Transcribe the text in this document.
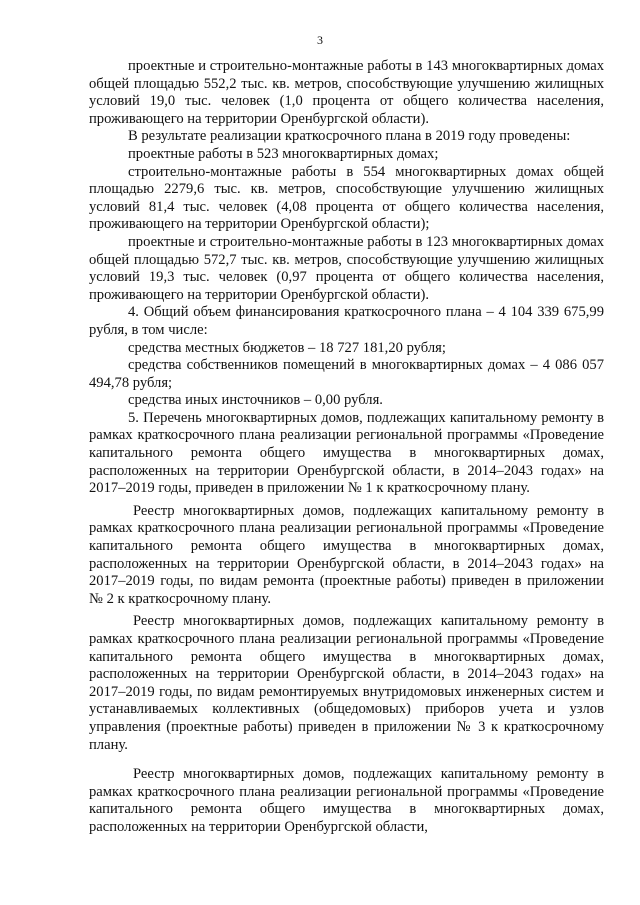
3

проектные и строительно-монтажные работы в 143 многоквартирных домах общей площадью 552,2 тыс. кв. метров, способствующие улучшению жилищных условий 19,0 тыс. человек (1,0 процента от общего количества населения, проживающего на территории Оренбургской области).

В результате реализации краткосрочного плана в 2019 году проведены:

проектные работы в 523 многоквартирных домах;

строительно-монтажные работы в 554 многоквартирных домах общей площадью 2279,6 тыс. кв. метров, способствующие улучшению жилищных условий 81,4 тыс. человек (4,08 процента от общего количества населения, проживающего на территории Оренбургской области);

проектные и строительно-монтажные работы в 123 многоквартирных домах общей площадью 572,7 тыс. кв. метров, способствующие улучшению жилищных условий 19,3 тыс. человек (0,97 процента от общего количества населения, проживающего на территории Оренбургской области).

4. Общий объем финансирования краткосрочного плана – 4 104 339 675,99 рубля, в том числе:

средства местных бюджетов – 18 727 181,20 рубля;

средства собственников помещений в многоквартирных домах – 4 086 057 494,78 рубля;

средства иных инсточников – 0,00 рубля.

5. Перечень многоквартирных домов, подлежащих капитальному ремонту в рамках краткосрочного плана реализации региональной программы «Проведение капитального ремонта общего имущества в многоквартирных домах, расположенных на территории Оренбургской области, в 2014–2043 годах» на 2017–2019 годы, приведен в приложении № 1 к краткосрочному плану.

Реестр многоквартирных домов, подлежащих капитальному ремонту в рамках краткосрочного плана реализации региональной программы «Проведение капитального ремонта общего имущества в многоквартирных домах, расположенных на территории Оренбургской области, в 2014–2043 годах» на 2017–2019 годы, по видам ремонта (проектные работы) приведен в приложении № 2 к краткосрочному плану.

Реестр многоквартирных домов, подлежащих капитальному ремонту в рамках краткосрочного плана реализации региональной программы «Проведение капитального ремонта общего имущества в многоквартирных домах, расположенных на территории Оренбургской области, в 2014–2043 годах» на 2017–2019 годы, по видам ремонтируемых внутридомовых инженерных систем и устанавливаемых коллективных (общедомовых) приборов учета и узлов управления (проектные работы) приведен в приложении № 3 к краткосрочному плану.

Реестр многоквартирных домов, подлежащих капитальному ремонту в рамках краткосрочного плана реализации региональной программы «Проведение капитального ремонта общего имущества в многоквартирных домах, расположенных на территории Оренбургской области,
